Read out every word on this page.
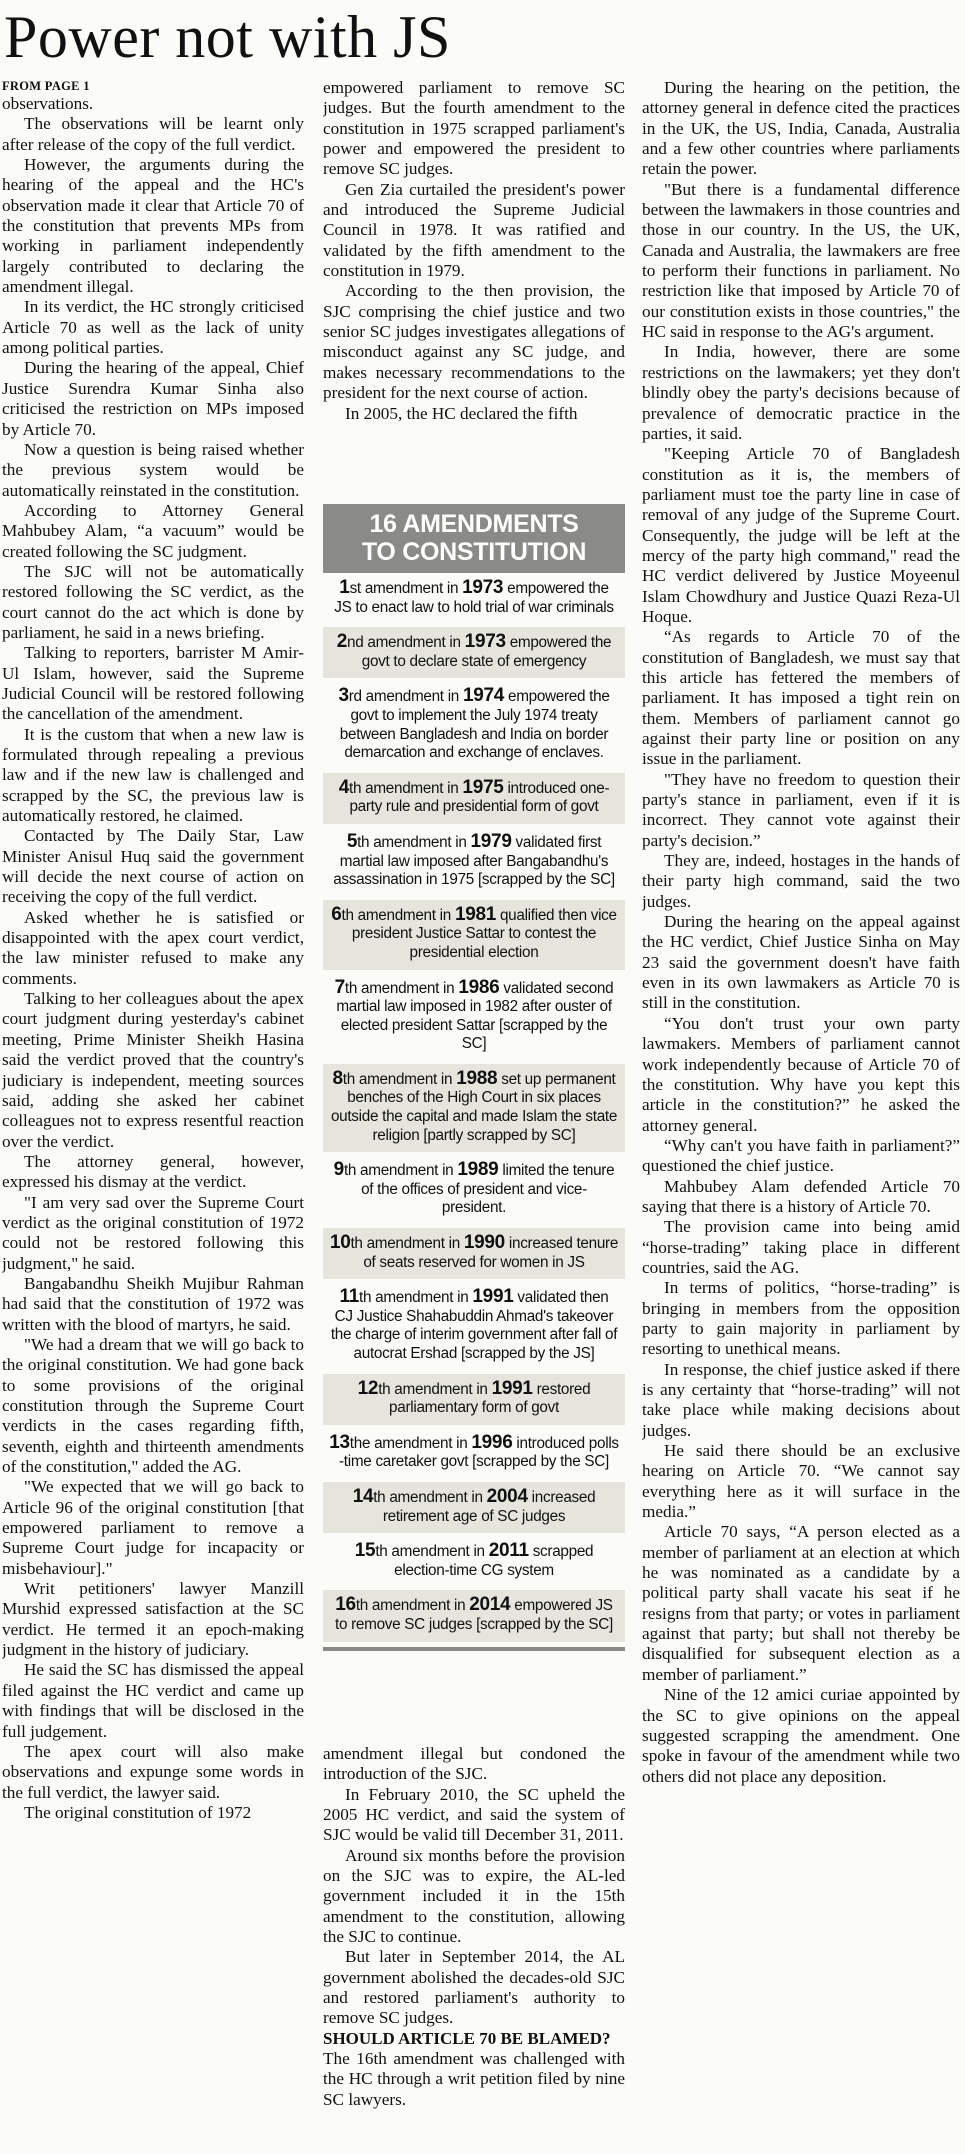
Power not with JS
FROM PAGE 1

observations.

The observations will be learnt only after release of the copy of the full verdict.

However, the arguments during the hearing of the appeal and the HC's observation made it clear that Article 70 of the constitution that prevents MPs from working in parliament independently largely contributed to declaring the amendment illegal.

In its verdict, the HC strongly criticised Article 70 as well as the lack of unity among political parties.

During the hearing of the appeal, Chief Justice Surendra Kumar Sinha also criticised the restriction on MPs imposed by Article 70.

Now a question is being raised whether the previous system would be automatically reinstated in the constitution.

According to Attorney General Mahbubey Alam, “a vacuum” would be created following the SC judgment.

The SJC will not be automatically restored following the SC verdict, as the court cannot do the act which is done by parliament, he said in a news briefing.

Talking to reporters, barrister M Amir-Ul Islam, however, said the Supreme Judicial Council will be restored following the cancellation of the amendment.

It is the custom that when a new law is formulated through repealing a previous law and if the new law is challenged and scrapped by the SC, the previous law is automatically restored, he claimed.

Contacted by The Daily Star, Law Minister Anisul Huq said the government will decide the next course of action on receiving the copy of the full verdict.

Asked whether he is satisfied or disappointed with the apex court verdict, the law minister refused to make any comments.

Talking to her colleagues about the apex court judgment during yesterday's cabinet meeting, Prime Minister Sheikh Hasina said the verdict proved that the country's judiciary is independent, meeting sources said, adding she asked her cabinet colleagues not to express resentful reaction over the verdict.

The attorney general, however, expressed his dismay at the verdict.

"I am very sad over the Supreme Court verdict as the original constitution of 1972 could not be restored following this judgment," he said.

Bangabandhu Sheikh Mujibur Rahman had said that the constitution of 1972 was written with the blood of martyrs, he said.

"We had a dream that we will go back to the original constitution. We had gone back to some provisions of the original constitution through the Supreme Court verdicts in the cases regarding fifth, seventh, eighth and thirteenth amendments of the constitution," added the AG.

"We expected that we will go back to Article 96 of the original constitution [that empowered parliament to remove a Supreme Court judge for incapacity or misbehaviour]."

Writ petitioners' lawyer Manzill Murshid expressed satisfaction at the SC verdict. He termed it an epoch-making judgment in the history of judiciary.

He said the SC has dismissed the appeal filed against the HC verdict and came up with findings that will be disclosed in the full judgement.

The apex court will also make observations and expunge some words in the full verdict, the lawyer said.

The original constitution of 1972

empowered parliament to remove SC judges. But the fourth amendment to the constitution in 1975 scrapped parliament's power and empowered the president to remove SC judges.

Gen Zia curtailed the president's power and introduced the Supreme Judicial Council in 1978. It was ratified and validated by the fifth amendment to the constitution in 1979.

According to the then provision, the SJC comprising the chief justice and two senior SC judges investigates allegations of misconduct against any SC judge, and makes necessary recommendations to the president for the next course of action.

In 2005, the HC declared the fifth

16 AMENDMENTS
TO CONSTITUTION
1st amendment in 1973 empowered the JS to enact law to hold trial of war criminals
2nd amendment in 1973 empowered the govt to declare state of emergency
3rd amendment in 1974 empowered the govt to implement the July 1974 treaty between Bangladesh and India on border demarcation and exchange of enclaves.
4th amendment in 1975 introduced one-party rule and presidential form of govt
5th amendment in 1979 validated first martial law imposed after Bangabandhu's assassination in 1975 [scrapped by the SC]
6th amendment in 1981 qualified then vice president Justice Sattar to contest the presidential election
7th amendment in 1986 validated second martial law imposed in 1982 after ouster of elected president Sattar [scrapped by the SC]
8th amendment in 1988 set up permanent benches of the High Court in six places outside the capital and made Islam the state religion [partly scrapped by SC]
9th amendment in 1989 limited the tenure of the offices of president and vice-president.
10th amendment in 1990 increased tenure of seats reserved for women in JS
11th amendment in 1991 validated then CJ Justice Shahabuddin Ahmad's takeover the charge of interim government after fall of autocrat Ershad [scrapped by the JS]
12th amendment in 1991 restored parliamentary form of govt
13the amendment in 1996 introduced polls -time caretaker govt [scrapped by the SC]
14th amendment in 2004 increased retirement age of SC judges
15th amendment in 2011 scrapped election-time CG system
16th amendment in 2014 empowered JS to remove SC judges [scrapped by the SC]

amendment illegal but condoned the introduction of the SJC.

In February 2010, the SC upheld the 2005 HC verdict, and said the system of SJC would be valid till December 31, 2011.

Around six months before the provision on the SJC was to expire, the AL-led government included it in the 15th amendment to the constitution, allowing the SJC to continue.

But later in September 2014, the AL government abolished the decades-old SJC and restored parliament's authority to remove SC judges.

SHOULD ARTICLE 70 BE BLAMED?

The 16th amendment was challenged with the HC through a writ petition filed by nine SC lawyers.

During the hearing on the petition, the attorney general in defence cited the practices in the UK, the US, India, Canada, Australia and a few other countries where parliaments retain the power.

"But there is a fundamental difference between the lawmakers in those countries and those in our country. In the US, the UK, Canada and Australia, the lawmakers are free to perform their functions in parliament. No restriction like that imposed by Article 70 of our constitution exists in those countries," the HC said in response to the AG's argument.

In India, however, there are some restrictions on the lawmakers; yet they don't blindly obey the party's decisions because of prevalence of democratic practice in the parties, it said.

"Keeping Article 70 of Bangladesh constitution as it is, the members of parliament must toe the party line in case of removal of any judge of the Supreme Court. Consequently, the judge will be left at the mercy of the party high command," read the HC verdict delivered by Justice Moyeenul Islam Chowdhury and Justice Quazi Reza-Ul Hoque.

“As regards to Article 70 of the constitution of Bangladesh, we must say that this article has fettered the members of parliament. It has imposed a tight rein on them. Members of parliament cannot go against their party line or position on any issue in the parliament.

"They have no freedom to question their party's stance in parliament, even if it is incorrect. They cannot vote against their party's decision.”

They are, indeed, hostages in the hands of their party high command, said the two judges.

During the hearing on the appeal against the HC verdict, Chief Justice Sinha on May 23 said the government doesn't have faith even in its own lawmakers as Article 70 is still in the constitution.

“You don't trust your own party lawmakers. Members of parliament cannot work independently because of Article 70 of the constitution. Why have you kept this article in the constitution?” he asked the attorney general.

“Why can't you have faith in parliament?” questioned the chief justice.

Mahbubey Alam defended Article 70 saying that there is a history of Article 70.

The provision came into being amid “horse-trading” taking place in different countries, said the AG.

In terms of politics, “horse-trading” is bringing in members from the opposition party to gain majority in parliament by resorting to unethical means.

In response, the chief justice asked if there is any certainty that “horse-trading” will not take place while making decisions about judges.

He said there should be an exclusive hearing on Article 70. “We cannot say everything here as it will surface in the media.”

Article 70 says, “A person elected as a member of parliament at an election at which he was nominated as a candidate by a political party shall vacate his seat if he resigns from that party; or votes in parliament against that party; but shall not thereby be disqualified for subsequent election as a member of parliament.”

Nine of the 12 amici curiae appointed by the SC to give opinions on the appeal suggested scrapping the amendment. One spoke in favour of the amendment while two others did not place any deposition.
